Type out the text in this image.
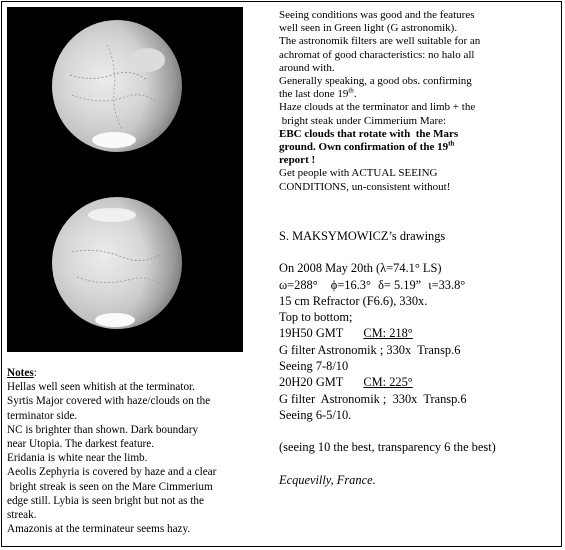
Notes:
Hellas well seen whitish at the terminator.
Syrtis Major covered with haze/clouds on the
terminator side.
NC is brighter than shown. Dark boundary
near Utopia. The darkest feature.
Eridania is white near the limb.
Aeolis Zephyria is covered by haze and a clear
bright streak is seen on the Mare Cimmerium
edge still. Lybia is seen bright but not as the
streak.
Amazonis at the terminateur seems hazy.
Seeing conditions was good and the features
well seen in Green light (G astronomik).
The astronomik filters are well suitable for an
achromat of good characteristics: no halo all
around with.
Generally speaking, a good obs. confirming
the last done 19th.
Haze clouds at the terminator and limb + the
bright steak under Cimmerium Mare:
EBC clouds that rotate with  the Mars
ground. Own confirmation of the 19th
report !
Get people with ACTUAL SEEING
CONDITIONS, un-consistent without!
S. MAKSYMOWICZ’s drawings
On 2008 May 20th (λ=74.1° LS)
ω=288° ϕ=16.3° δ= 5.19” ι=33.8°
15 cm Refractor (F6.6), 330x.
Top to bottom;
19H50 GMT CM: 218°
G filter Astronomik ; 330x  Transp.6
Seeing 7-8/10
20H20 GMT CM: 225°
G filter  Astronomik ;  330x  Transp.6
Seeing 6-5/10.
(seeing 10 the best, transparency 6 the best)
Ecquevilly, France.
